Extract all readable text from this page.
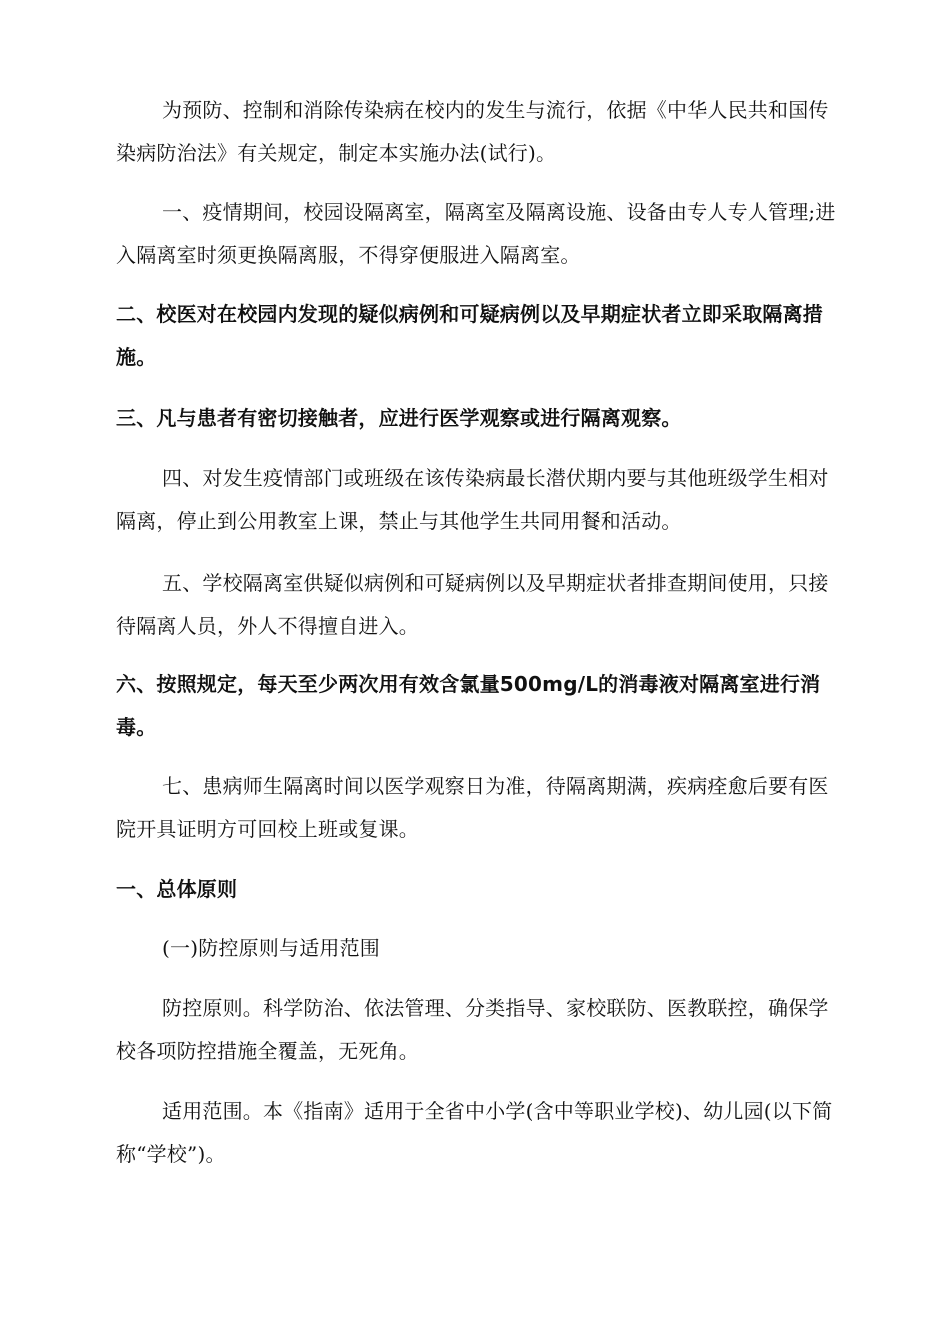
为预防、控制和消除传染病在校内的发生与流行，依据《中华人民共和国传染病防治法》有关规定，制定本实施办法(试行)。

一、疫情期间，校园设隔离室，隔离室及隔离设施、设备由专人专人管理;进入隔离室时须更换隔离服，不得穿便服进入隔离室。

二、校医对在校园内发现的疑似病例和可疑病例以及早期症状者立即采取隔离措施。

三、凡与患者有密切接触者，应进行医学观察或进行隔离观察。

四、对发生疫情部门或班级在该传染病最长潜伏期内要与其他班级学生相对隔离，停止到公用教室上课，禁止与其他学生共同用餐和活动。

五、学校隔离室供疑似病例和可疑病例以及早期症状者排查期间使用，只接待隔离人员，外人不得擅自进入。

六、按照规定，每天至少两次用有效含氯量500mg/L的消毒液对隔离室进行消毒。

七、患病师生隔离时间以医学观察日为准，待隔离期满，疾病痊愈后要有医院开具证明方可回校上班或复课。

一、总体原则

(一)防控原则与适用范围

防控原则。科学防治、依法管理、分类指导、家校联防、医教联控，确保学校各项防控措施全覆盖，无死角。

适用范围。本《指南》适用于全省中小学(含中等职业学校)、幼儿园(以下简称“学校”)。
